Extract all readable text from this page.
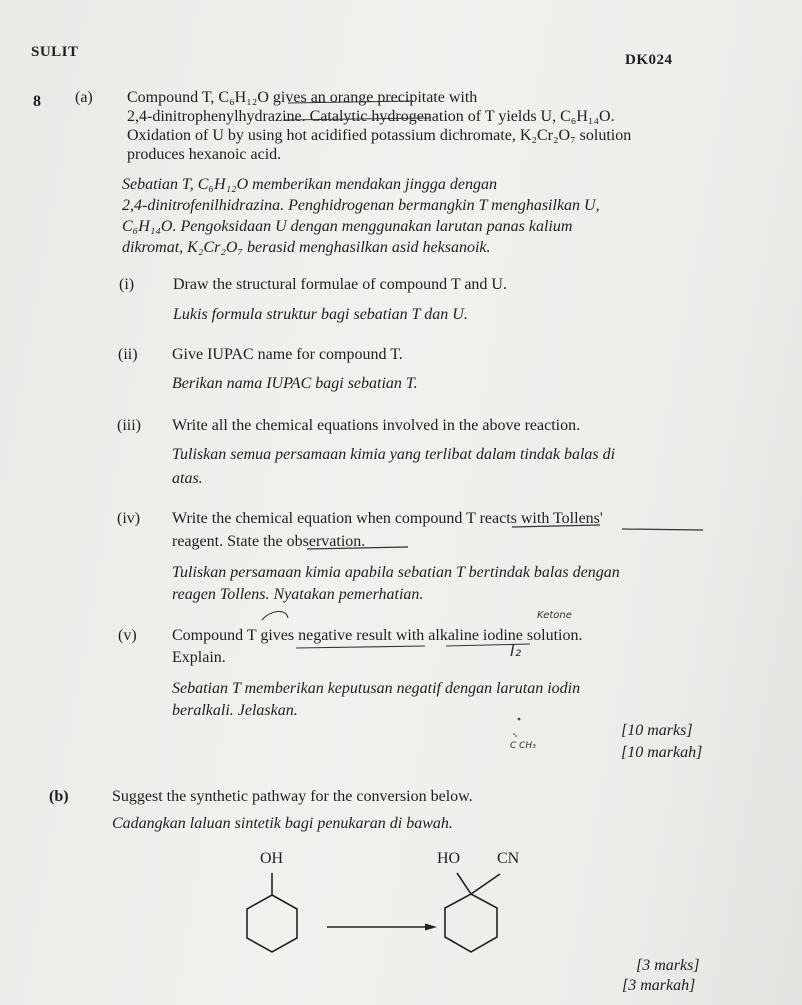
SULIT	DK024
8 (a) Compound T, C₆H₁₂O gives an orange precipitate with
2,4-dinitrophenylhydrazine. Catalytic hydrogenation of T yields U, C₆H₁₄O.
Oxidation of U by using hot acidified potassium dichromate, K₂Cr₂O₇ solution
produces hexanoic acid.
Sebatian T, C₆H₁₂O memberikan mendakan jingga dengan
2,4-dinitrofenilhidrazina. Penghidrogenan bermangkin T menghasilkan U,
C₆H₁₄O. Pengoksidaan U dengan menggunakan larutan panas kalium
dikromat, K₂Cr₂O₇ berasid menghasilkan asid heksanoik.
(i) Draw the structural formulae of compound T and U.
Lukis formula struktur bagi sebatian T dan U.
(ii) Give IUPAC name for compound T.
Berikan nama IUPAC bagi sebatian T.
(iii) Write all the chemical equations involved in the above reaction.
Tuliskan semua persamaan kimia yang terlibat dalam tindak balas di
atas.
(iv) Write the chemical equation when compound T reacts with Tollens'
reagent. State the observation.
Tuliskan persamaan kimia apabila sebatian T bertindak balas dengan
reagen Tollens. Nyatakan pemerhatian.
(v) Compound T gives negative result with alkaline iodine solution.
Explain.
Sebatian T memberikan keputusan negatif dengan larutan iodin
beralkali. Jelaskan.
Ketone
I₂
C CH₃
[10 marks]
[10 markah]
(b)	Suggest the synthetic pathway for the conversion below.
Cadangkan laluan sintetik bagi penukaran di bawah.
OH	HO CN
[3 marks]
[3 markah]
